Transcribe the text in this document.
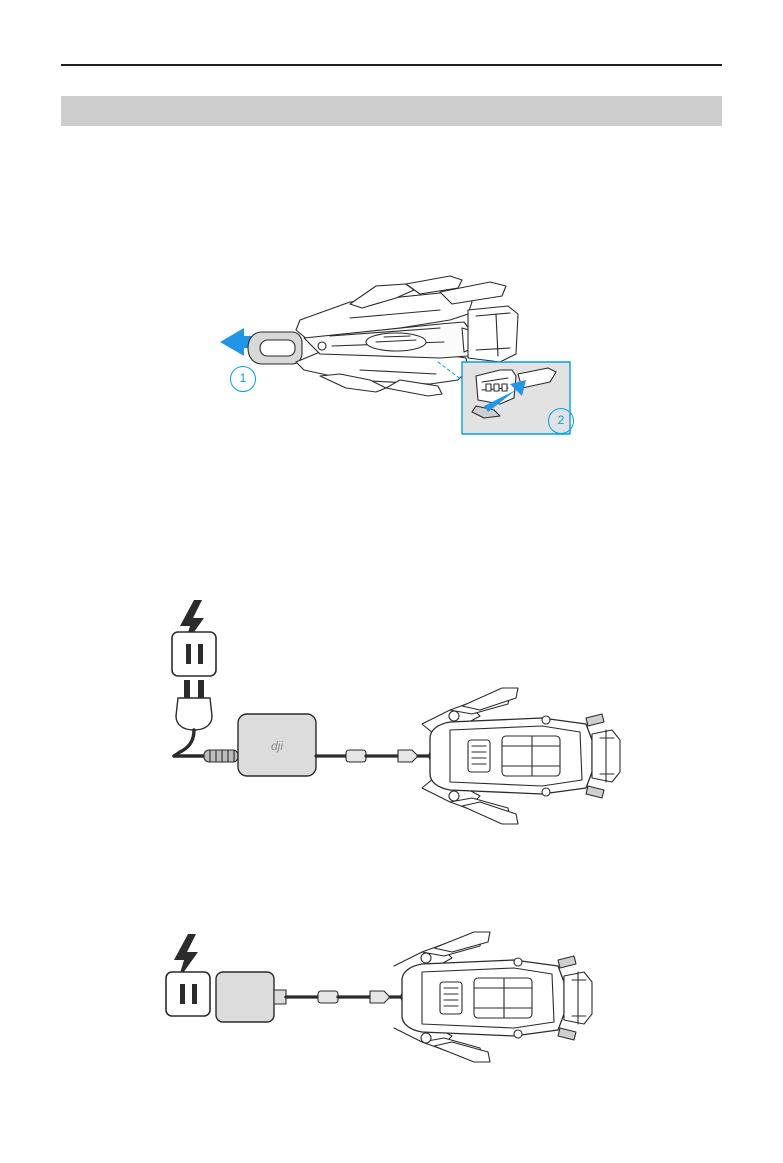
1
2
dji
